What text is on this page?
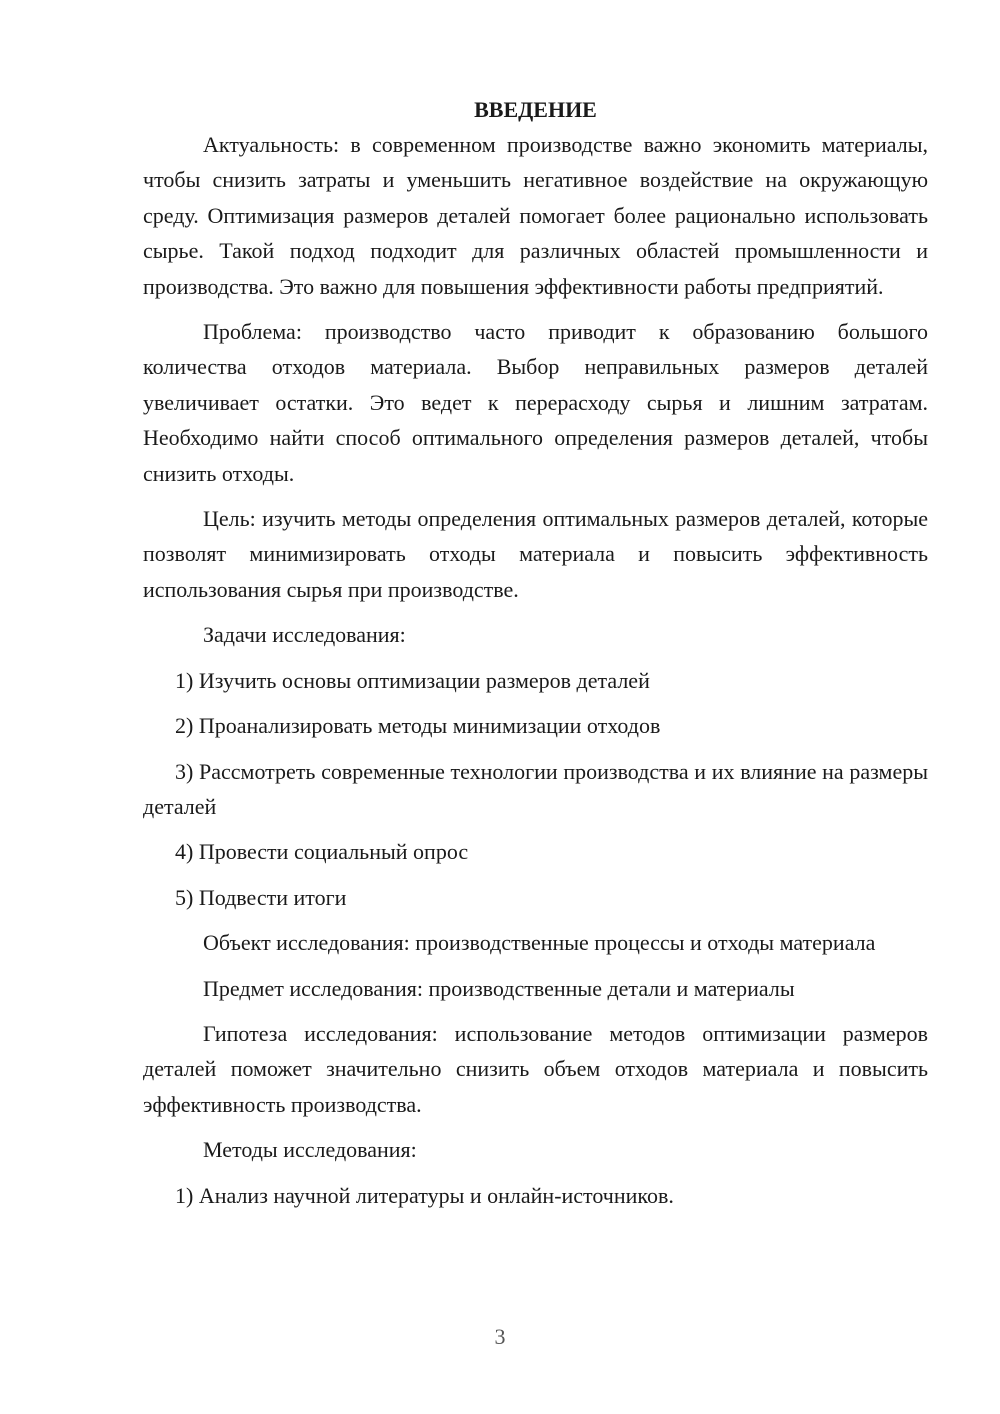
ВВЕДЕНИЕ

Актуальность: в современном производстве важно экономить материалы, чтобы снизить затраты и уменьшить негативное воздействие на окружающую среду. Оптимизация размеров деталей помогает более рационально использовать сырье. Такой подход подходит для различных областей промышленности и производства. Это важно для повышения эффективности работы предприятий.

Проблема: производство часто приводит к образованию большого количества отходов материала. Выбор неправильных размеров деталей увеличивает остатки. Это ведет к перерасходу сырья и лишним затратам. Необходимо найти способ оптимального определения размеров деталей, чтобы снизить отходы.

Цель: изучить методы определения оптимальных размеров деталей, которые позволят минимизировать отходы материала и повысить эффективность использования сырья при производстве.

Задачи исследования:

1) Изучить основы оптимизации размеров деталей

2) Проанализировать методы минимизации отходов

3) Рассмотреть современные технологии производства и их влияние на размеры деталей

4) Провести социальный опрос

5) Подвести итоги

Объект исследования: производственные процессы и отходы материала

Предмет исследования: производственные детали и материалы

Гипотеза исследования: использование методов оптимизации размеров деталей поможет значительно снизить объем отходов материала и повысить эффективность производства.

Методы исследования:

1) Анализ научной литературы и онлайн-источников.

3
